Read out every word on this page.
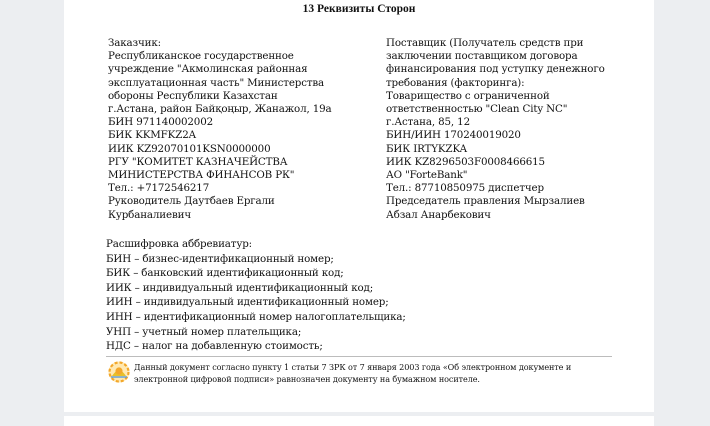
13 Реквизиты Сторон
Заказчик:
Республиканское государственное
учреждение "Акмолинская районная
эксплуатационная часть" Министерства
обороны Республики Казахстан
г.Астана, район Байқоңыр, Жанажол, 19а
БИН 971140002002
БИК KKMFKZ2A
ИИК KZ92070101KSN0000000
РГУ "КОМИТЕТ КАЗНАЧЕЙСТВА
МИНИСТЕРСТВА ФИНАНСОВ РК"
Тел.: +7172546217
Руководитель Даутбаев Ергали
Курбаналиевич
Поставщик (Получатель средств при
заключении поставщиком договора
финансирования под уступку денежного
требования (факторинга):
Товарищество с ограниченной
ответственностью "Clean City NC"
г.Астана, 85, 12
БИН/ИИН 170240019020
БИК IRTYKZKA
ИИК KZ8296503F0008466615
АО "ForteBank"
Тел.: 87710850975 диспетчер
Председатель правления Мырзалиев
Абзал Анарбекович
Расшифровка аббревиатур:
БИН – бизнес-идентификационный номер;
БИК – банковский идентификационный код;
ИИК – индивидуальный идентификационный код;
ИИН – индивидуальный идентификационный номер;
ИНН – идентификационный номер налогоплательщика;
УНП – учетный номер плательщика;
НДС – налог на добавленную стоимость;
Данный документ согласно пункту 1 статьи 7 ЗРК от 7 января 2003 года «Об электронном документе и
электронной цифровой подписи» равнозначен документу на бумажном носителе.
